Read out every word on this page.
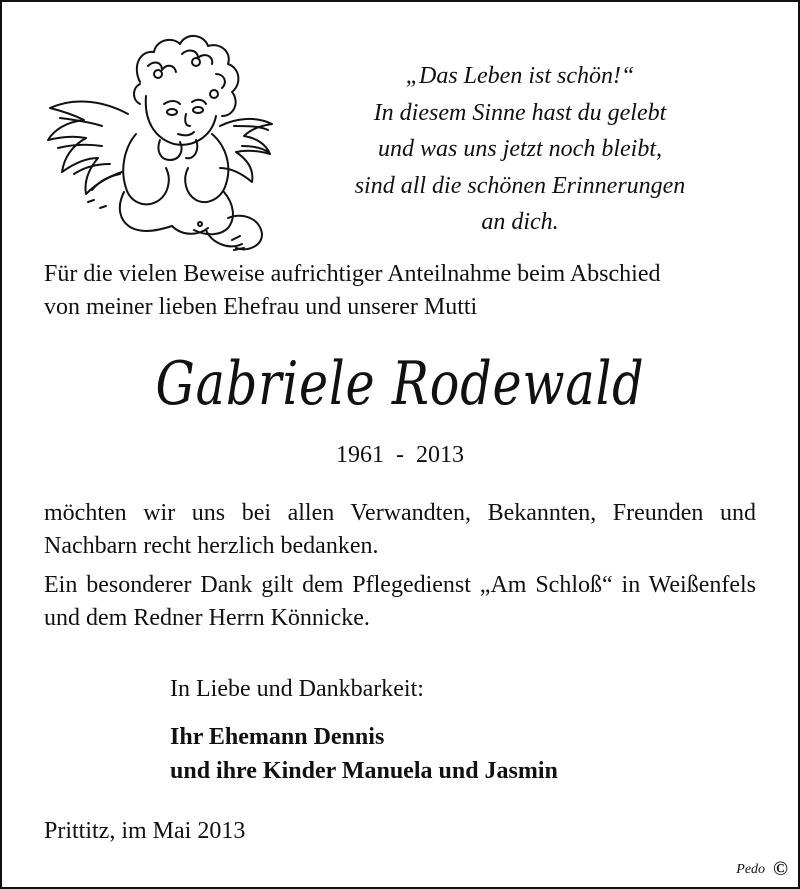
„Das Leben ist schön!“
In diesem Sinne hast du gelebt
und was uns jetzt noch bleibt,
sind all die schönen Erinnerungen
an dich.
Für die vielen Beweise aufrichtiger Anteilnahme beim Abschied
von meiner lieben Ehefrau und unserer Mutti
Gabriele Rodewald
1961  -  2013

möchten wir uns bei allen Verwandten, Bekannten, Freunden und Nachbarn recht herzlich bedanken.

Ein besonderer Dank gilt dem Pflegedienst „Am Schloß“ in Weißenfels und dem Redner Herrn Könnicke.

In Liebe und Dankbarkeit:
Ihr Ehemann Dennis
und ihre Kinder Manuela und Jasmin
Prittitz, im Mai 2013
Pedo ©
